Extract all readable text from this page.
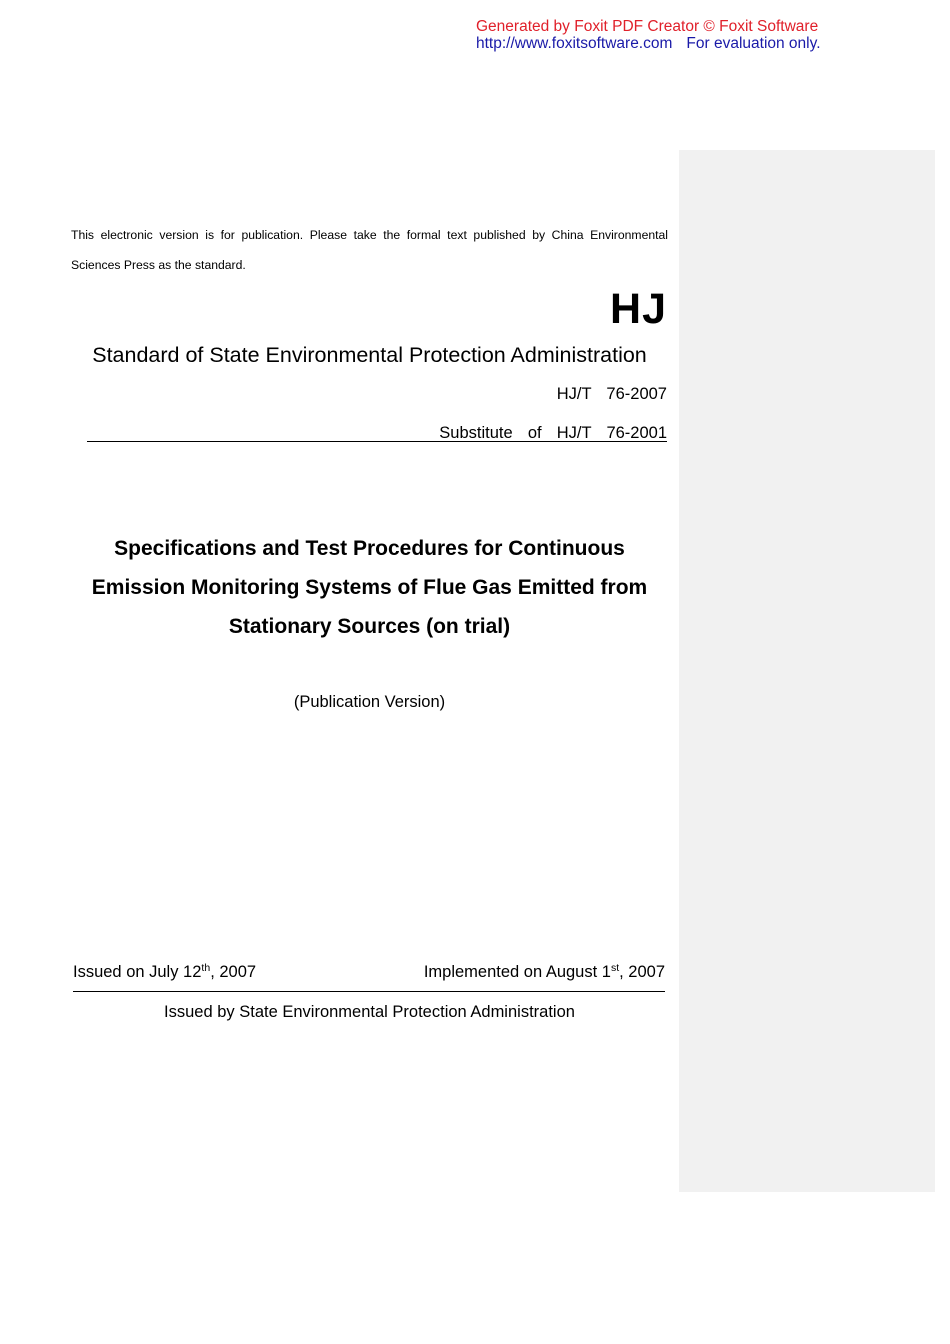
Generated by Foxit PDF Creator © Foxit Software
http://www.foxitsoftware.com For evaluation only.
This electronic version is for publication. Please take the formal text published by China Environmental Sciences Press as the standard.
HJ
Standard of State Environmental Protection Administration
HJ/T  76-2007
Substitute  of  HJ/T  76-2001
Specifications and Test Procedures for Continuous
Emission Monitoring Systems of Flue Gas Emitted from
Stationary Sources (on trial)
(Publication Version)
Issued on July 12th, 2007	Implemented on August 1st, 2007
Issued by State Environmental Protection Administration
